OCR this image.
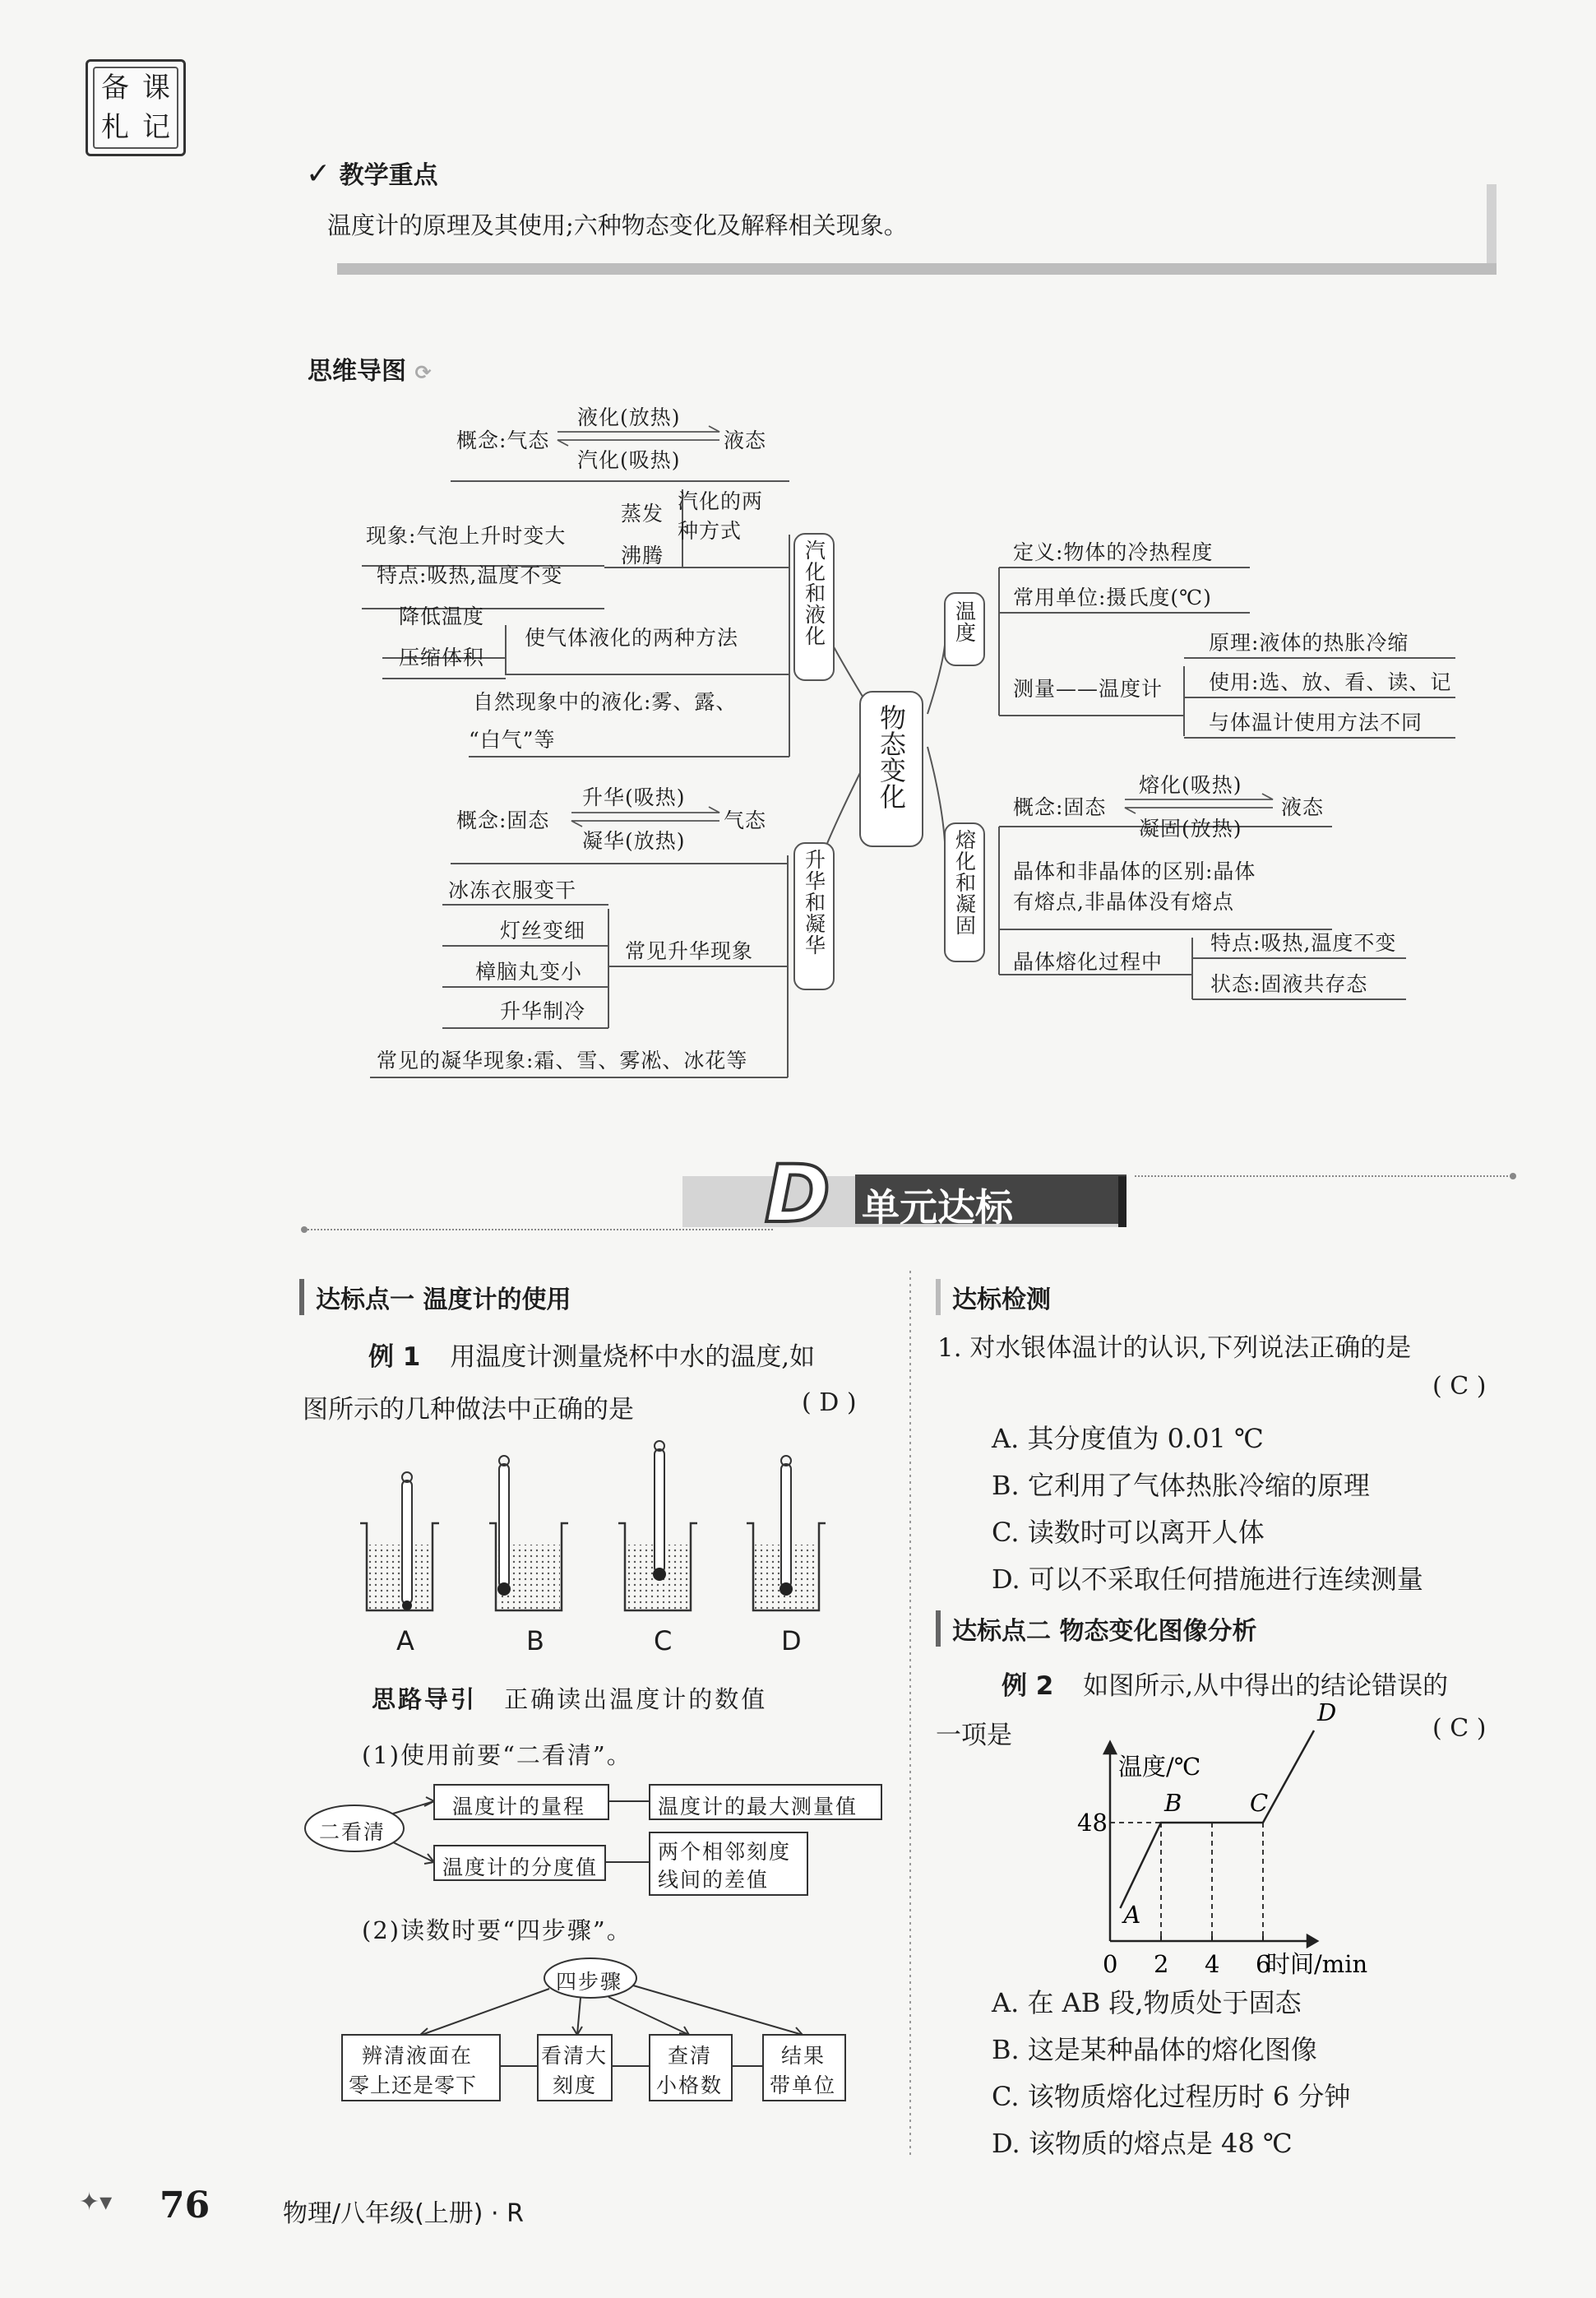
备 课
札 记
✓ 教学重点
温度计的原理及其使用;六种物态变化及解释相关现象。
思维导图 ⟳
物态变化
汽化和液化
升华和凝华
温度
熔化和凝固
概念:气态
液化(放热)
汽化(吸热)
液态
汽化的两种方式
蒸发
沸腾
现象:气泡上升时变大
特点:吸热,温度不变
降低温度
压缩体积
使气体液化的两种方法
自然现象中的液化:雾、露、
“白气”等
概念:固态
升华(吸热)
凝华(放热)
气态
冰冻衣服变干
灯丝变细
樟脑丸变小
升华制冷
常见升华现象
常见的凝华现象:霜、雪、雾凇、冰花等
定义:物体的冷热程度
常用单位:摄氏度(℃)
测量——温度计
原理:液体的热胀冷缩
使用:选、放、看、读、记
与体温计使用方法不同
概念:固态
熔化(吸热)
凝固(放热)
液态
晶体和非晶体的区别:晶体
有熔点,非晶体没有熔点
晶体熔化过程中
特点:吸热,温度不变
状态:固液共存态
D 单元达标
达标点一 温度计的使用
例 1 用温度计测量烧杯中水的温度,如
图所示的几种做法中正确的是	( D )
A	B	C	D
思路导引 正确读出温度计的数值
(1)使用前要“二看清”。
二看清
温度计的量程	温度计的最大测量值
温度计的分度值
两个相邻刻度
线间的差值
(2)读数时要“四步骤”。
四步骤
辨清液面在
零上还是零下
看清大
刻度
查清
小格数
结果
带单位
达标检测
1. 对水银体温计的认识,下列说法正确的是
( C )
A. 其分度值为 0.01 ℃
B. 它利用了气体热胀冷缩的原理
C. 读数时可以离开人体
D. 可以不采取任何措施进行连续测量
达标点二 物态变化图像分析
例 2 如图所示,从中得出的结论错误的
一项是	( C )
0 2 4 6
48
A
B	C
D
温度/℃
时间/min
A. 在 AB 段,物质处于固态
B. 这是某种晶体的熔化图像
C. 该物质熔化过程历时 6 分钟
D. 该物质的熔点是 48 ℃
✦▾ 76	物理/八年级(上册) · R
